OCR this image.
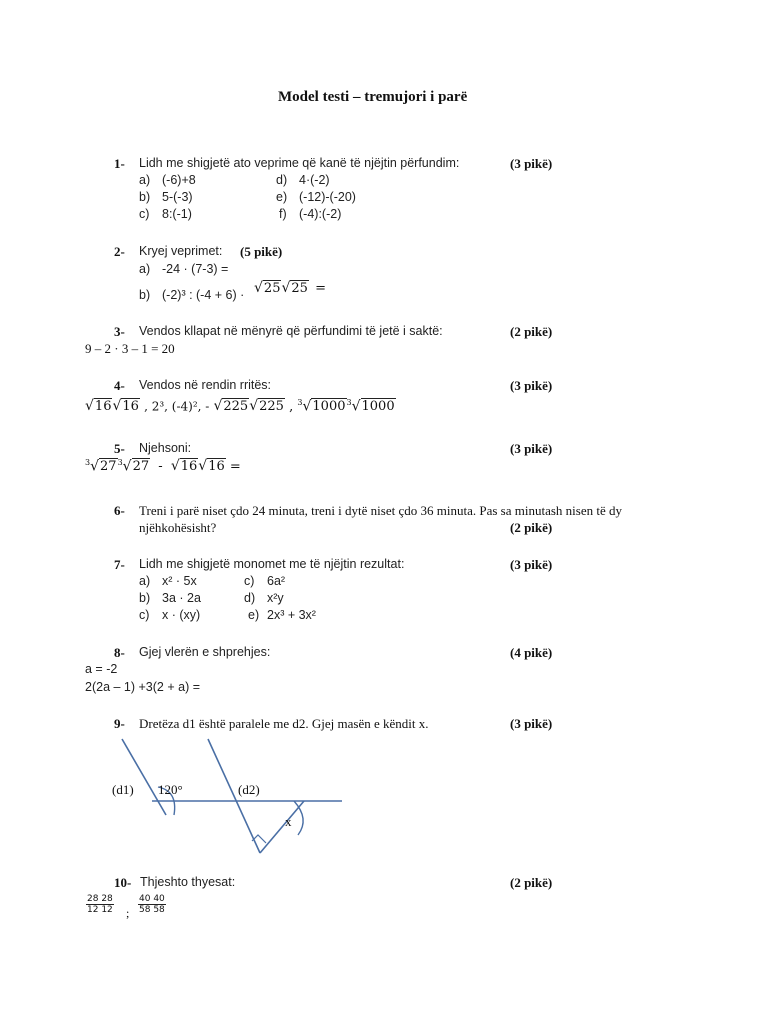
Model testi – tremujori i parë
1- Lidh me shigjetë ato veprime që kanë të njëjtin përfundim:	(3 pikë)
a) (-6)+8	d) 4·(-2)
b) 5-(-3)	e) (-12)-(-20)
c) 8:(-1)	f) (-4):(-2)
2- Kryej veprimet: (5 pikë)
a) -24 · (7-3) =
b) (-2)³ : (-4 + 6) · √25√25 =
3- Vendos kllapat në mënyrë që përfundimi të jetë i saktë:	(2 pikë)
9 – 2 · 3 – 1 = 20
4- Vendos në rendin rritës:	(3 pikë)
√16√16 , 2³, (-4)², - √225√225 , $^3$√1000$^3$√1000
5- Njehsoni:	(3 pikë)
$^3√27^3√27 - √16√16$ =
6- Treni i parë niset çdo 24 minuta, treni i dytë niset çdo 36 minuta. Pas sa minutash nisen të dy
njëhkohësisht?	(2 pikë)
7- Lidh me shigjetë monomet me të njëjtin rezultat:	(3 pikë)
a) x² · 5x	c) 6a²
b) 3a · 2a	d) x²y
c) x · (xy)	e) 2x³ + 3x²
8- Gjej vlerën e shprehjes:	(4 pikë)
a = -2
2(2a – 1) +3(2 + a) =
9- Dretëza d1 është paralele me d2. Gjej masën e këndit x.	(3 pikë)
(d1) 120°	(d2)
x
10- Thjeshto thyesat:	(2 pikë)
$\frac{28 28}{12 12}$ ; $\frac{40 40}{58 58}$
